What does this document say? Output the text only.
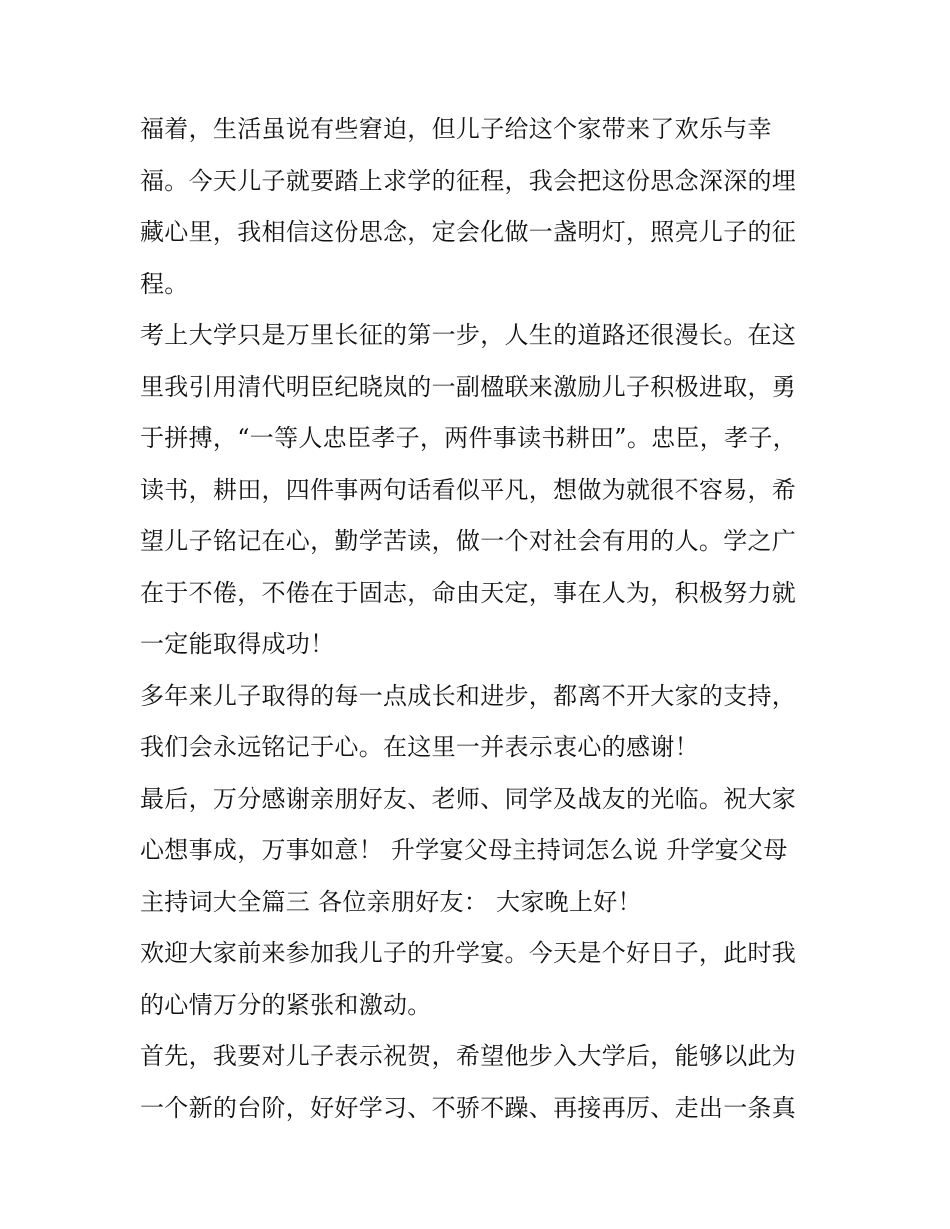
福着，生活虽说有些窘迫，但儿子给这个家带来了欢乐与幸
福。今天儿子就要踏上求学的征程，我会把这份思念深深的埋
藏心里，我相信这份思念，定会化做一盏明灯，照亮儿子的征
程。
考上大学只是万里长征的第一步，人生的道路还很漫长。在这
里我引用清代明臣纪晓岚的一副楹联来激励儿子积极进取，勇
于拼搏，“一等人忠臣孝子，两件事读书耕田”。忠臣，孝子，
读书，耕田，四件事两句话看似平凡，想做为就很不容易，希
望儿子铭记在心，勤学苦读，做一个对社会有用的人。学之广
在于不倦，不倦在于固志，命由天定，事在人为，积极努力就
一定能取得成功！
多年来儿子取得的每一点成长和进步，都离不开大家的支持，
我们会永远铭记于心。在这里一并表示衷心的感谢！
最后，万分感谢亲朋好友、老师、同学及战友的光临。祝大家
心想事成，万事如意！ 升学宴父母主持词怎么说 升学宴父母
主持词大全篇三 各位亲朋好友： 大家晚上好！
欢迎大家前来参加我儿子的升学宴。今天是个好日子，此时我
的心情万分的紧张和激动。
首先，我要对儿子表示祝贺，希望他步入大学后，能够以此为
一个新的台阶，好好学习、不骄不躁、再接再厉、走出一条真
